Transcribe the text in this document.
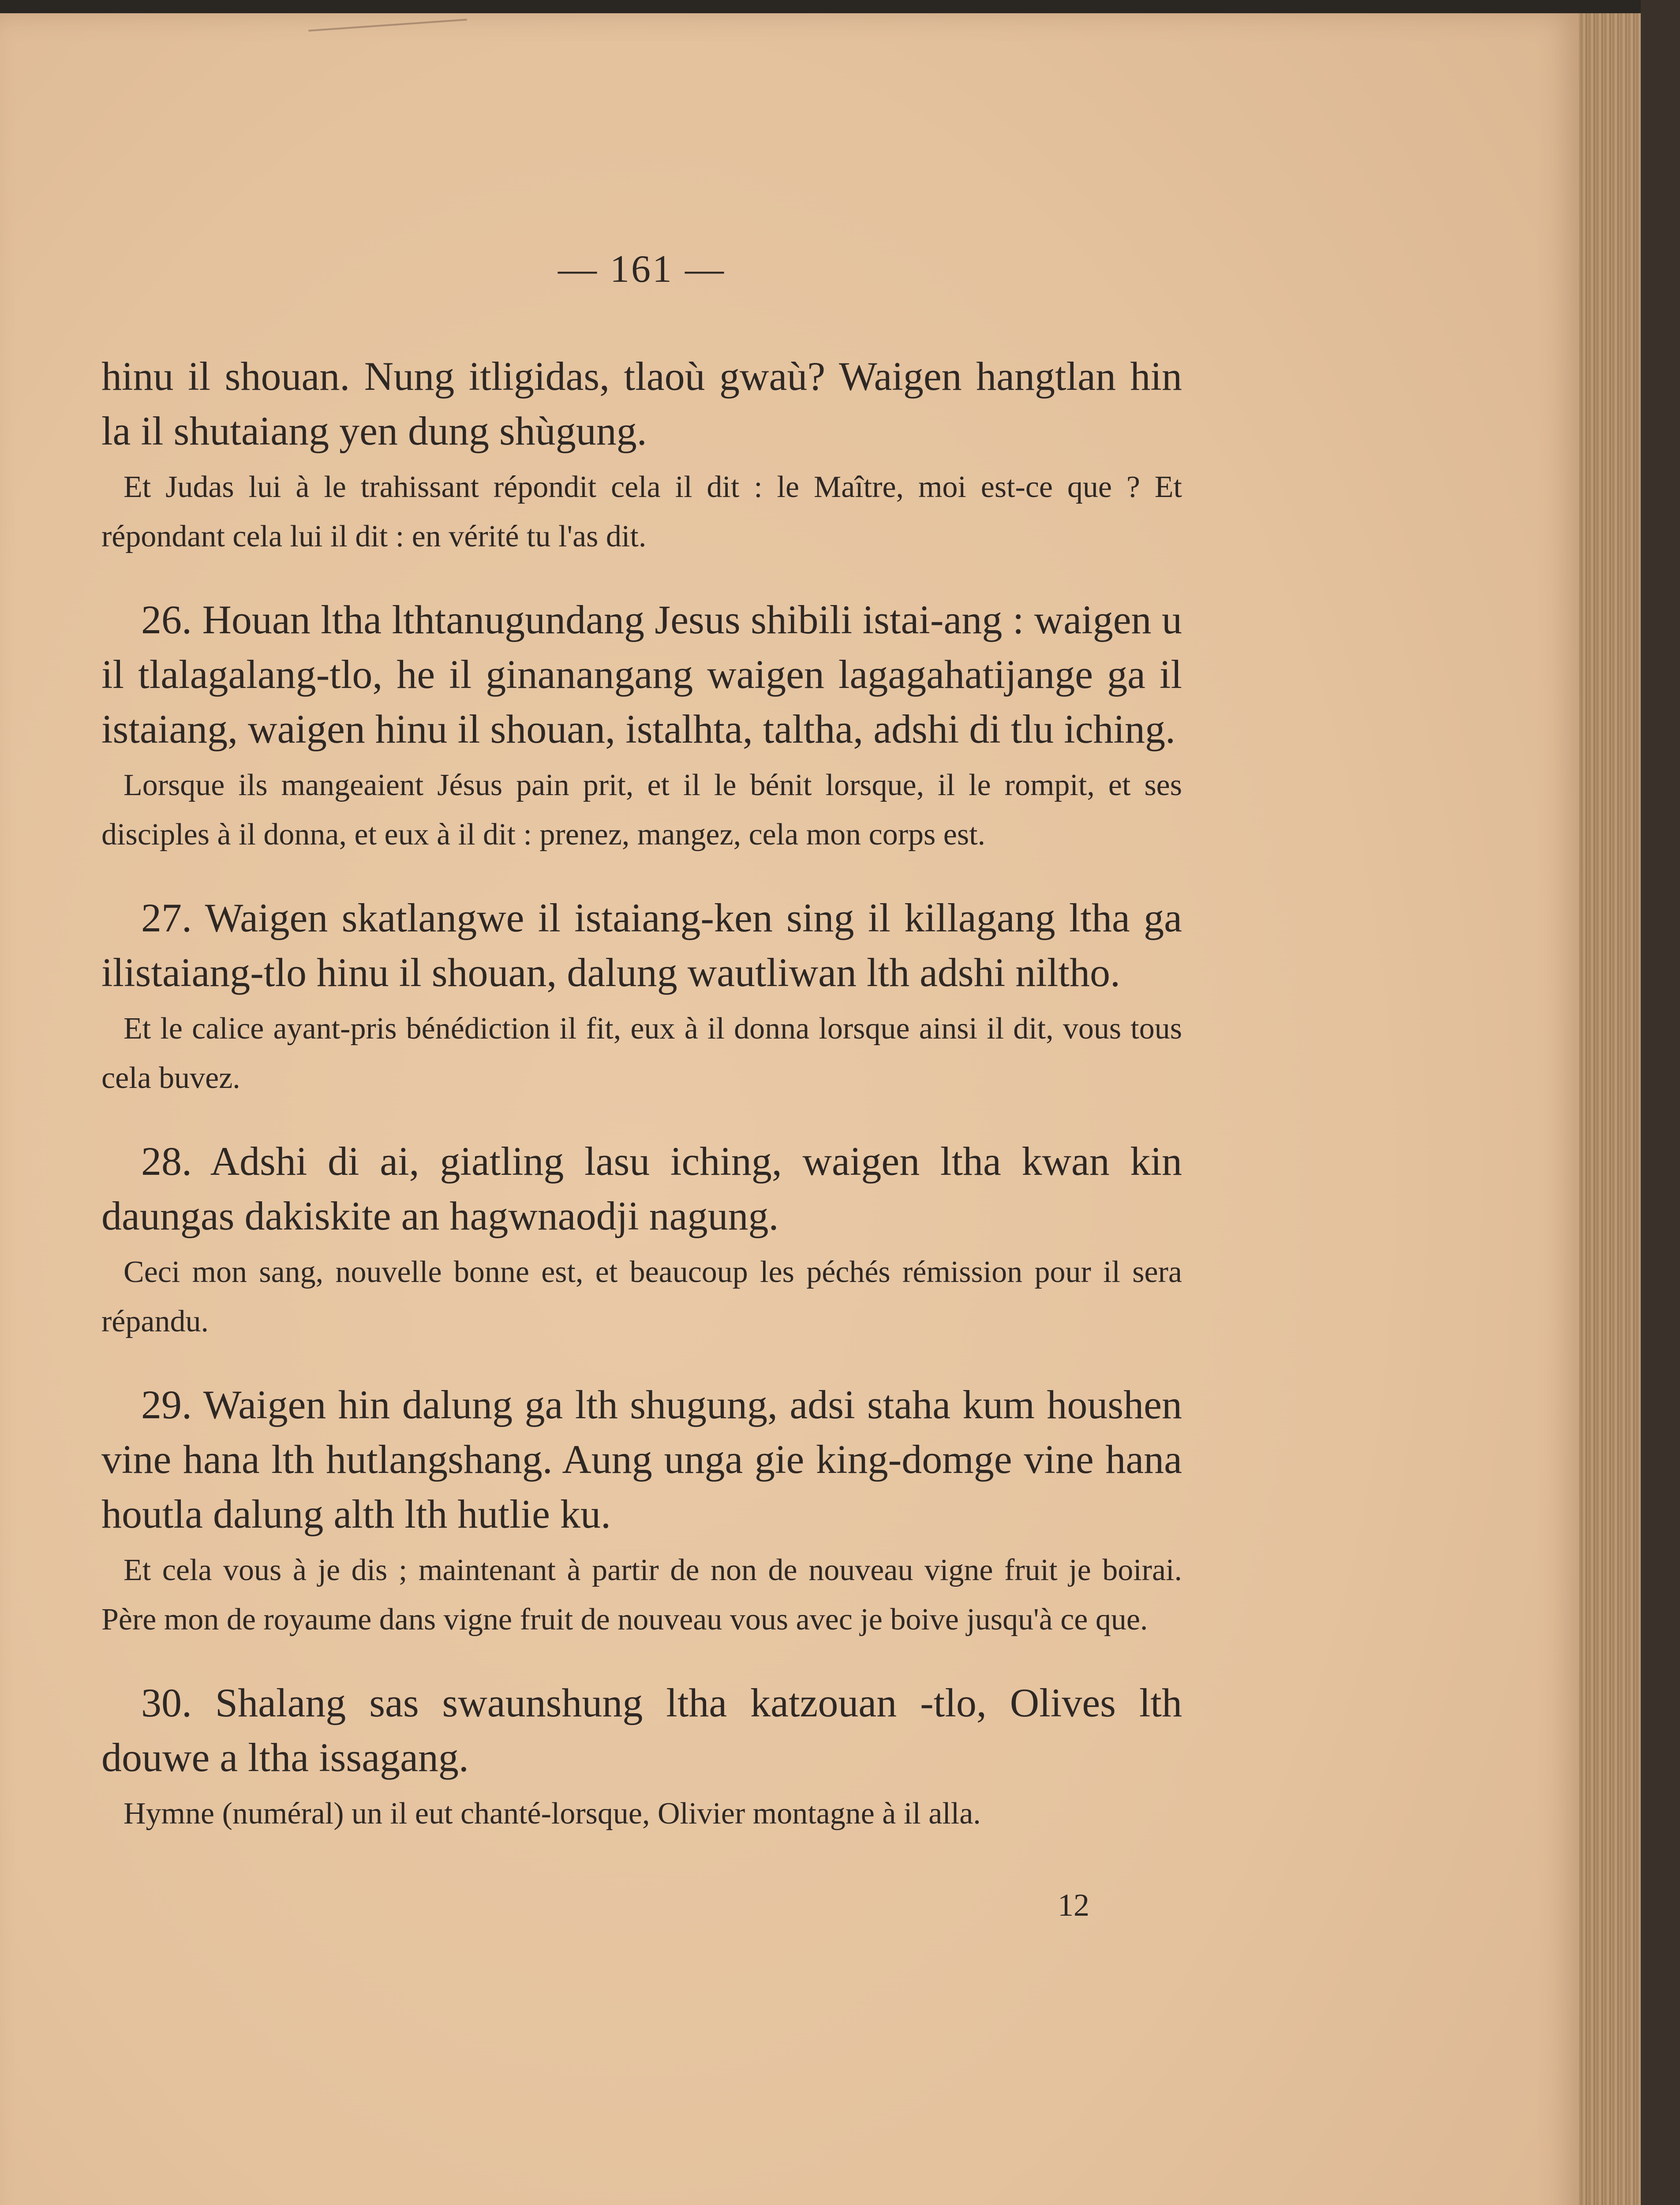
— 161 —

hinu il shouan. Nung itligidas, tlaoù gwaù? Waigen hangtlan hin la il shutaiang yen dung shùgung.

Et Judas lui à le trahissant répondit cela il dit : le Maître, moi est-ce que ? Et répondant cela lui il dit : en vérité tu l'as dit.

26. Houan ltha lthtanugundang Jesus shibili istai-ang : waigen u il tlalagalang-tlo, he il ginanangang waigen lagagahatijange ga il istaiang, waigen hinu il shouan, istalhta, taltha, adshi di tlu iching.

Lorsque ils mangeaient Jésus pain prit, et il le bénit lorsque, il le rompit, et ses disciples à il donna, et eux à il dit : prenez, mangez, cela mon corps est.

27. Waigen skatlangwe il istaiang-ken sing il killagang ltha ga ilistaiang-tlo hinu il shouan, dalung wautliwan lth adshi niltho.

Et le calice ayant-pris bénédiction il fit, eux à il donna lorsque ainsi il dit, vous tous cela buvez.

28. Adshi di ai, giatling lasu iching, waigen ltha kwan kin daungas dakiskite an hagwnaodji nagung.

Ceci mon sang, nouvelle bonne est, et beaucoup les péchés rémission pour il sera répandu.

29. Waigen hin dalung ga lth shugung, adsi staha kum houshen vine hana lth hutlangshang. Aung unga gie king-domge vine hana houtla dalung alth lth hutlie ku.

Et cela vous à je dis ; maintenant à partir de non de nouveau vigne fruit je boirai. Père mon de royaume dans vigne fruit de nouveau vous avec je boive jusqu'à ce que.

30. Shalang sas swaunshung ltha katzouan -tlo, Olives lth douwe a ltha issagang.

Hymne (numéral) un il eut chanté-lorsque, Olivier montagne à il alla.

12
